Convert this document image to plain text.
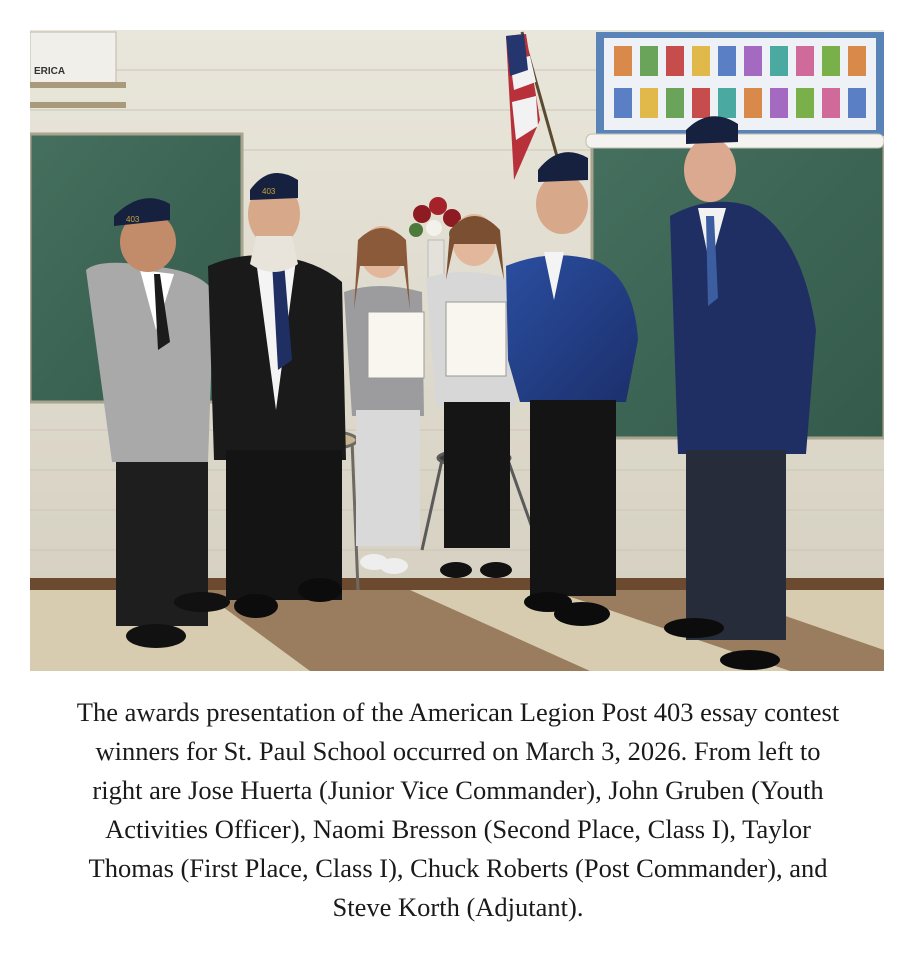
ERICA
403
403

The awards presentation of the American Legion Post 403 essay contest
winners for St. Paul School occurred on March 3, 2026. From left to
right are Jose Huerta (Junior Vice Commander), John Gruben (Youth
Activities Officer), Naomi Bresson (Second Place, Class I), Taylor
Thomas (First Place, Class I), Chuck Roberts (Post Commander), and
Steve Korth (Adjutant).
